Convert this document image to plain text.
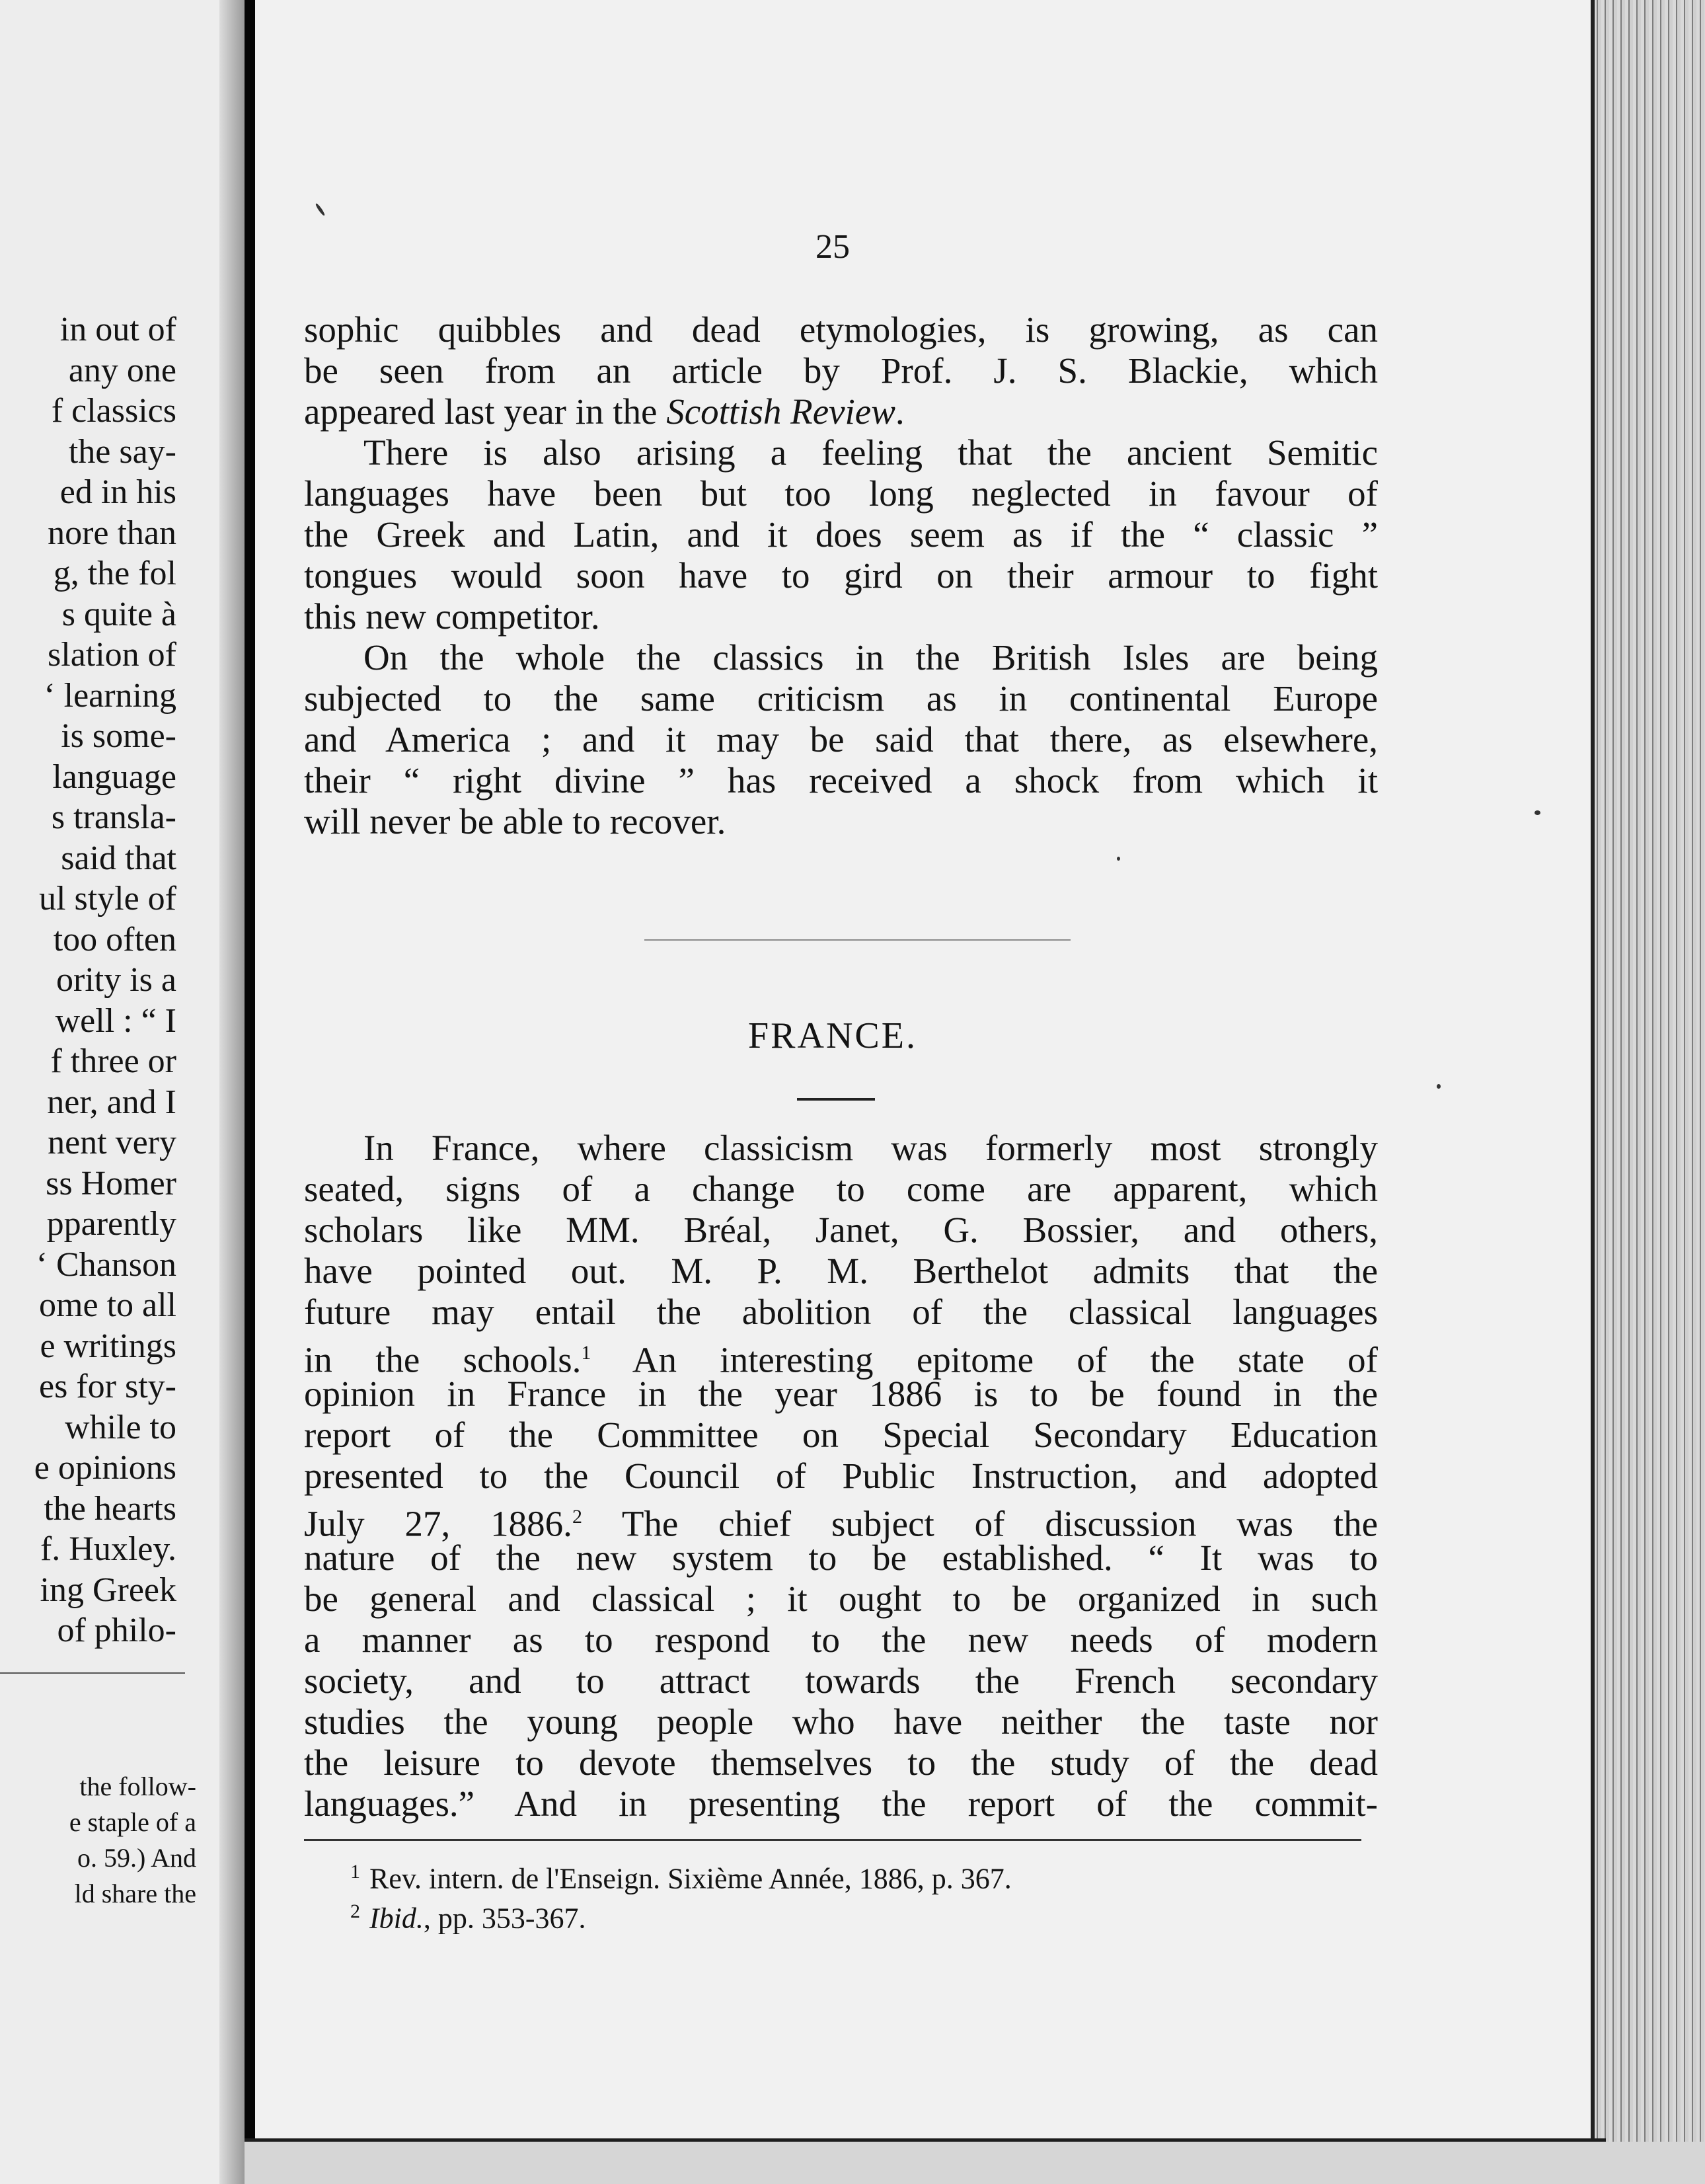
in out of

any one

f classics

the say-

ed in his

nore than

g, the fol

s quite à

slation of

‘ learning

is some-

language

s transla-

said that

ul style of

too often

ority is a

well : “ I

f three or

ner, and I

nent very

ss Homer

pparently

‘ Chanson

ome to all

e writings

es for sty-

while to

e opinions

the hearts

f. Huxley.

ing Greek

of philo-

the follow-

e staple of a

o. 59.) And

ld share the

25

sophic quibbles and dead etymologies, is growing, as can

be seen from an article by Prof. J. S. Blackie, which

appeared last year in the Scottish Review.

There is also arising a feeling that the ancient Semitic

languages have been but too long neglected in favour of

the Greek and Latin, and it does seem as if the “ classic ”

tongues would soon have to gird on their armour to fight

this new competitor.

On the whole the classics in the British Isles are being

subjected to the same criticism as in continental Europe

and America ; and it may be said that there, as elsewhere,

their “ right divine ” has received a shock from which it

will never be able to recover.

FRANCE.

In France, where classicism was formerly most strongly

seated, signs of a change to come are apparent, which

scholars like MM. Bréal, Janet, G. Bossier, and others,

have pointed out. M. P. M. Berthelot admits that the

future may entail the abolition of the classical languages

in the schools.$^1$ An interesting epitome of the state of

opinion in France in the year 1886 is to be found in the

report of the Committee on Special Secondary Education

presented to the Council of Public Instruction, and adopted

July 27, 1886.$^2$ The chief subject of discussion was the

nature of the new system to be established. “ It was to

be general and classical ; it ought to be organized in such

a manner as to respond to the new needs of modern

society, and to attract towards the French secondary

studies the young people who have neither the taste nor

the leisure to devote themselves to the study of the dead

languages.” And in presenting the report of the commit-

$^1$ Rev. intern. de l'Enseign. Sixième Année, 1886, p. 367.

$^2$ Ibid., pp. 353-367.
